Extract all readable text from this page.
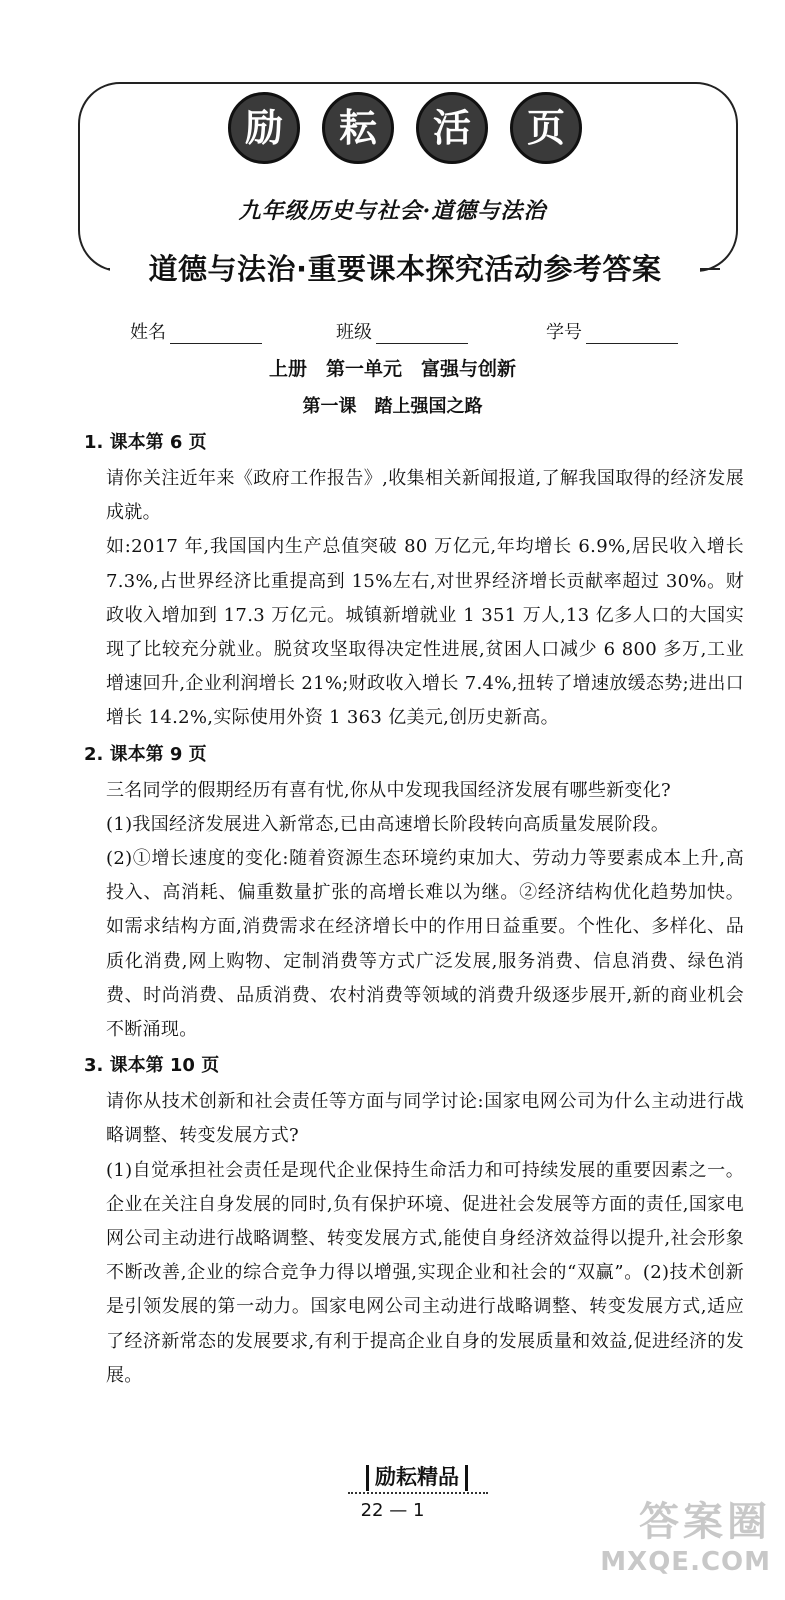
励	耘	活	页
九年级历史与社会·道德与法治
道德与法治·重要课本探究活动参考答案
姓名	班级	学号
上册　第一单元　富强与创新
第一课　踏上强国之路

1. 课本第 6 页

请你关注近年来《政府工作报告》,收集相关新闻报道,了解我国取得的经济发展成就。

如:2017 年,我国国内生产总值突破 80 万亿元,年均增长 6.9%,居民收入增长 7.3%,占世界经济比重提高到 15%左右,对世界经济增长贡献率超过 30%。财政收入增加到 17.3 万亿元。城镇新增就业 1 351 万人,13 亿多人口的大国实现了比较充分就业。脱贫攻坚取得决定性进展,贫困人口减少 6 800 多万,工业增速回升,企业利润增长 21%;财政收入增长 7.4%,扭转了增速放缓态势;进出口增长 14.2%,实际使用外资 1 363 亿美元,创历史新高。

2. 课本第 9 页

三名同学的假期经历有喜有忧,你从中发现我国经济发展有哪些新变化?

(1)我国经济发展进入新常态,已由高速增长阶段转向高质量发展阶段。

(2)①增长速度的变化:随着资源生态环境约束加大、劳动力等要素成本上升,高投入、高消耗、偏重数量扩张的高增长难以为继。②经济结构优化趋势加快。如需求结构方面,消费需求在经济增长中的作用日益重要。个性化、多样化、品质化消费,网上购物、定制消费等方式广泛发展,服务消费、信息消费、绿色消费、时尚消费、品质消费、农村消费等领域的消费升级逐步展开,新的商业机会不断涌现。

3. 课本第 10 页

请你从技术创新和社会责任等方面与同学讨论:国家电网公司为什么主动进行战略调整、转变发展方式?

(1)自觉承担社会责任是现代企业保持生命活力和可持续发展的重要因素之一。企业在关注自身发展的同时,负有保护环境、促进社会发展等方面的责任,国家电网公司主动进行战略调整、转变发展方式,能使自身经济效益得以提升,社会形象不断改善,企业的综合竞争力得以增强,实现企业和社会的“双赢”。(2)技术创新是引领发展的第一动力。国家电网公司主动进行战略调整、转变发展方式,适应了经济新常态的发展要求,有利于提高企业自身的发展质量和效益,促进经济的发展。

励耘精品
22 — 1	答案圈
MXQE.COM
